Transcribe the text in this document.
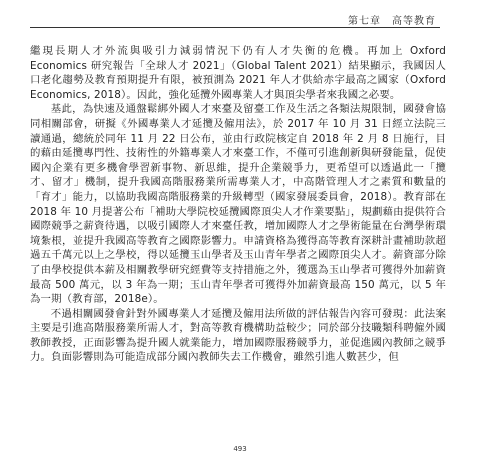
第七章　高等教育

繼現長期人才外流與吸引力減弱情況下仍有人才失衡的危機。再加上 Oxford Economics 研究報告「全球人才 2021」（Global Talent 2021）結果顯示，我國因人口老化趨勢及教育預期提升有限，被預測為 2021 年人才供給赤字最高之國家（Oxford Economics, 2018）。因此，強化延攬外國專業人才與頂尖學者來我國之必要。

基此，為快速及通盤鬆綁外國人才來臺及留臺工作及生活之各類法規限制，國發會協同相關部會，研擬《外國專業人才延攬及僱用法》，於 2017 年 10 月 31 日經立法院三讀通過，總統於同年 11 月 22 日公布，並由行政院核定自 2018 年 2 月 8 日施行，目的藉由延攬專門性、技術性的外籍專業人才來臺工作，不僅可引進創新與研發能量，促使國內企業有更多機會學習新事物、新思維，提升企業競爭力，更希望可以透過此一「攬才、留才」機制，提升我國高階服務業所需專業人才，中高階管理人才之素質和數量的「育才」能力，以協助我國高階服務業的升級轉型（國家發展委員會，2018）。教育部在 2018 年 10 月提著公布「補助大學院校延攬國際頂尖人才作業要點」，規劃藉由提供符合國際競爭之薪資待遇，以吸引國際人才來臺任教，增加國際人才之學術能量在台灣學術環境紮根，並提升我國高等教育之國際影響力。申請資格為獲得高等教育深耕計畫補助款超過五千萬元以上之學校，得以延攬玉山學者及玉山青年學者之國際頂尖人才。薪資部分除了由學校提供本薪及相關教學研究經費等支持措施之外，獲選為玉山學者可獲得外加薪資最高 500 萬元，以 3 年為一期；玉山青年學者可獲得外加薪資最高 150 萬元，以 5 年為一期（教育部，2018e）。

不過相關國發會針對外國專業人才延攬及僱用法所做的評估報告內容可發現：此法案主要是引進高階服務業所需人才，對高等教育機構助益較少；同於部分技職類科聘僱外國教師教授，正面影響為提升國人就業能力，增加國際服務競爭力，並促進國內教師之競爭力。負面影響則為可能造成部分國內教師失去工作機會，雖然引進人數甚少，但

493
